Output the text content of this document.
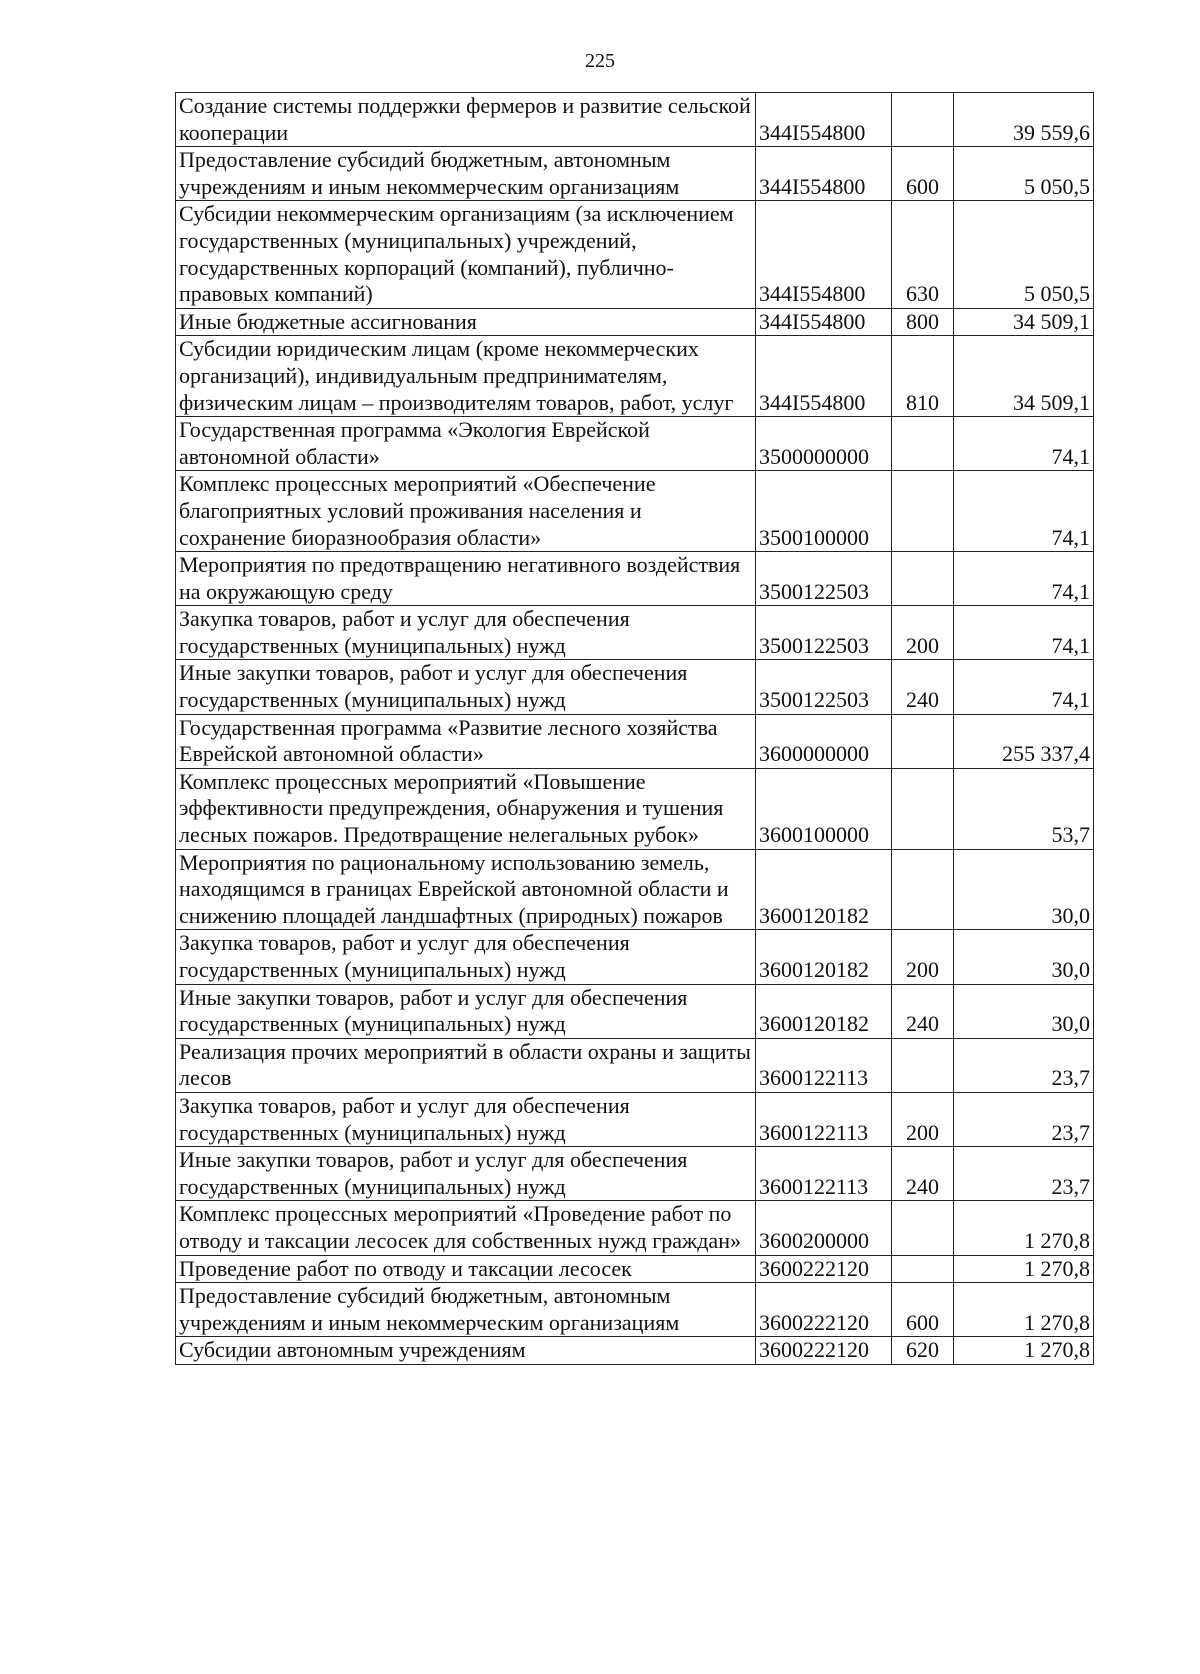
225
Создание системы поддержки фермеров и развитие сельской кооперации	344I554800		39 559,6
Предоставление субсидий бюджетным, автономным учреждениям и иным некоммерческим организациям	344I554800	600	5 050,5
Субсидии некоммерческим организациям (за исключением государственных (муниципальных) учреждений, государственных корпораций (компаний), публично-правовых компаний)	344I554800	630	5 050,5
Иные бюджетные ассигнования	344I554800	800	34 509,1
Субсидии юридическим лицам (кроме некоммерческих организаций), индивидуальным предпринимателям, физическим лицам – производителям товаров, работ, услуг	344I554800	810	34 509,1
Государственная программа «Экология Еврейской автономной области»	3500000000		74,1
Комплекс процессных мероприятий «Обеспечение благоприятных условий проживания населения и сохранение биоразнообразия области»	3500100000		74,1
Мероприятия по предотвращению негативного воздействия на окружающую среду	3500122503		74,1
Закупка товаров, работ и услуг для обеспечения государственных (муниципальных) нужд	3500122503	200	74,1
Иные закупки товаров, работ и услуг для обеспечения государственных (муниципальных) нужд	3500122503	240	74,1
Государственная программа «Развитие лесного хозяйства Еврейской автономной области»	3600000000		255 337,4
Комплекс процессных мероприятий «Повышение эффективности предупреждения, обнаружения и тушения лесных пожаров. Предотвращение нелегальных рубок»	3600100000		53,7
Мероприятия по рациональному использованию земель, находящимся в границах Еврейской автономной области и снижению площадей ландшафтных (природных) пожаров	3600120182		30,0
Закупка товаров, работ и услуг для обеспечения государственных (муниципальных) нужд	3600120182	200	30,0
Иные закупки товаров, работ и услуг для обеспечения государственных (муниципальных) нужд	3600120182	240	30,0
Реализация прочих мероприятий в области охраны и защиты лесов	3600122113		23,7
Закупка товаров, работ и услуг для обеспечения государственных (муниципальных) нужд	3600122113	200	23,7
Иные закупки товаров, работ и услуг для обеспечения государственных (муниципальных) нужд	3600122113	240	23,7
Комплекс процессных мероприятий «Проведение работ по отводу и таксации лесосек для собственных нужд граждан»	3600200000		1 270,8
Проведение работ по отводу и таксации лесосек	3600222120		1 270,8
Предоставление субсидий бюджетным, автономным учреждениям и иным некоммерческим организациям	3600222120	600	1 270,8
Субсидии автономным учреждениям	3600222120	620	1 270,8
